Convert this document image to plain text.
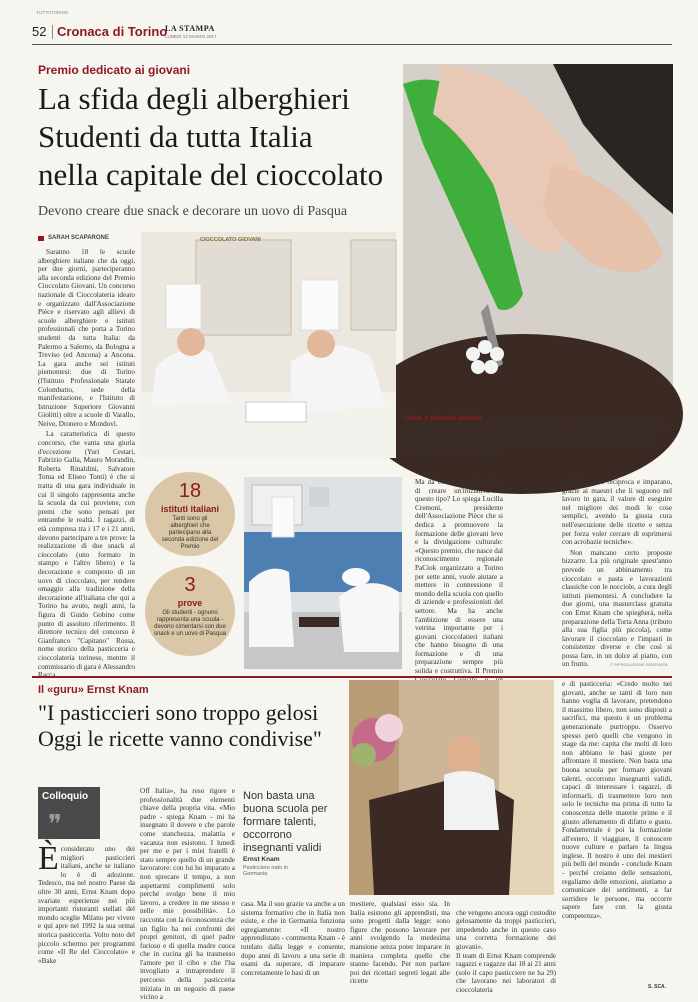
TUTTOTORINO
52 Cronaca di Torino
LA STAMPA
LUNEDÌ 13 MARZO 2017
Premio dedicato ai giovani
La sfida degli alberghieri
Studenti da tutta Italia
nella capitale del cioccolato
Devono creare due snack e decorare un uovo di Pasqua
Uova e piccole delizie
Nella foto sopra uno studente al lavoro per decorare un uovo durante la prima edizione del Premio Cioccolato Giovani promosso dall'Associazione Pièce. A fianco la giuria, composta da maestri cioccolatieri, intenta a valutare le creazioni dei ragazzi. Sotto, studente e maestro a confronto
SARAH SCAPARONE

Saranno 18 le scuole alberghiere italiane che da oggi, per due giorni, parteciperanno alla seconda edizione del Premio Cioccolato Giovani. Un concorso nazionale di Cioccolateria ideato e organizzato dall'Associazione Pièce e riservato agli allievi di scuole alberghiere e istituti professionali che porta a Torino studenti da tutta Italia: da Palermo a Salerno, da Bologna a Treviso (ed Ancona) a Ancona. La gara anche sei istituti piemontesi: due di Torino (l'Istituto Professionale Statale Colombatto, sede della manifestazione, e l'Istituto di Istruzione Superiore Giovanni Giolitti) oltre a scuole di Varallo, Neive, Dronero e Mondovì.

La caratteristica di questo concorso, che vanta una giuria d'eccezione (Yuri Cestari, Fabrizio Galla, Mauro Morandin, Roberta Rinaldini, Salvatore Toma ed Eliseo Tonti) è che si tratta di una gara individuale in cui il singolo rappresenta anche la scuola da cui proviene, con premi che sono pensati per entrambe le realtà. I ragazzi, di età compresa tra i 17 e i 21 anni, devono partecipare a tre prove: la realizzazione di due snack al cioccolato (uno formato in stampo e l'altro libero) e la decorazione e composto di un uovo di cioccolato, per rendere omaggio alla tradizione della decorazione all'italiana che qui a Torino ha avuto, negli anni, la figura di Guido Gobino come punto di assoluto riferimento. Il direttore tecnico del concorso è Gianfranco "Capitano" Rossa, nome storico della pasticceria e cioccolateria torinese, mentre il commissario di gara è Alessandro

CIOCCOLATO GIOVANI
18
istituti italiani
Tanti sono gli alberghieri che partecipano alla seconda edizione del Premio
3
prove
Gli studenti - ognuno rappresenta una scuola - devono cimentarsi con due snack e un uovo di Pasqua

Ma da cosa nasce la volontà di creare un'iniziativa di questo tipo? Lo spiega Lucilla Cremoni, presidente dell'Associazione Pièce che si dedica a promuovere la formazione delle giovani leve e la divulgazione culturale: «Questo premio, che nasce dal riconoscimento regionale PaCiok organizzato a Torino per sette anni, vuole aiutare a mettere in connessione il mondo della scuola con quello di aziende e professionisti del settore. Ma ha anche l'ambizione di essere una vetrina importante per i giovani cioccolatieri italiani che hanno bisogno di una formazione e di una preparazione sempre più solida e costruttiva. Il Premio

collaborazione reciproca e imparano, grazie ai maestri che li seguono nel lavoro in gara, il valore di eseguire nel migliore dei modi le cose semplici, avendo la giusta cura nell'esecuzione delle ricette e senza per forza voler cercare di esprimersi con acrobazie tecniche».

Non mancano certo proposte bizzarre. La più originale quest'anno prevede un abbinamento tra cioccolato e pasta e lavorazioni classiche con le nocciole, a cura degli istituti piemontesi. A concludere la due giorni, una masterclass gratuita con Ernst Knam che spiegherà, nella preparazione della Torta Anna (tributo alla sua figlia più piccola), come lavorare il cioccolato e l'impasti in consistenze diverse e che così si possa fare, in un dolce al piatto, con un frutto.	© RIPRODUZIONE RISERVATA
Il «guru» Ernst Knam
"I pasticcieri sono troppo gelosi
Oggi le ricette vanno condivise"
Colloquio
❞
Èconsiderato uno dei migliori pasticcieri italiani, anche se italiano lo è di adozione. Tedesco, ma nel nostro Paese da oltre 30 anni, Ernst Knam dopo svariate esperienze nei più importanti ristoranti stellati del mondo sceglie Milano per vivere e qui apre nel 1992 la sua ormai storica pasticceria. Volto noto del piccolo schermo per programmi come «Il Re del Cioccolato» e «Bake
Off Italia», ha reso rigore e professionalità due elementi chiave della propria vita. «Mio padre - spiega Knam - mi ha insegnato il dovere e che parole come stanchezza, malattia e vacanza non esistono. I lunedì per me e per i miei fratelli è stato sempre quello di un grande lavoratore: con lui ho imparato a non sprecare il tempo, a non aspettarmi complimenti solo perché svolgo bene il mio lavoro, a credere in me stesso e nelle mie possibilità». Lo racconta con la riconoscenza che un figlio ha nei confronti dei propri genitori, di quel padre furioso e di quella madre cuoca che in cucina gli ha trasmesso l'amore per il cibo e che l'ha invogliato a intraprendere il percorso della pasticceria iniziata in un negozio di paese vicino a
Non basta una buona scuola per formare talenti, occorrono insegnanti validi
Ernst Knam
Pasticciere nato in Germania
casa. Ma il suo grazie va anche a un sistema formativo che in Italia non esiste, e che in Germania funziona egregiamente: «Il nostro apprendistato - commenta Knam - è tutelato dalla legge e consente, dopo anni di lavoro a una serie di esami da superare, di imparare concretamente le basi di un
mestiere, qualsiasi esso sia. In Italia esistono gli apprendisti, ma sono progetti dalla legge: sono figure che possono lavorare per anni svolgendo la medesima mansione senza poter imparare in maniera completa quello che stanno facendo. Per non parlare poi dei ricettari segreti legati alle ricette

che vengono ancora oggi custodite gelosamente da troppi pasticcieri, impedendo anche in questo caso una corretta formazione dei giovani».
Il team di Ernst Knam comprende ragazzi e ragazze dai 18 ai 21 anni (solo il capo pasticciere ne ha 29) che lavorano nei laboratori di cioccolateria

e di pasticceria: «Credo molto nei giovani, anche se tanti di loro non hanno voglia di lavorare, pretendono il massimo libero, non sono disposti a sacrifici, ma questo è un problema generazionale purtroppo. Osservo spesso però quelli che vengono in stage da me: capita che molti di loro non abbiano le basi giuste per affrontare il mestiere. Non basta una buona scuola per formare giovani talenti, occorrono insegnanti validi, capaci di interessare i ragazzi, di informarli, di trasmettere loro non solo le tecniche ma prima di tutto la conoscenza delle materie prime e il giusto allenamento di difatto e gusto. Fondamentale è poi la formazione all'estero, il viaggiare, il conoscere nuove culture e parlare la lingua inglese. Il nostro è uno dei mestieri più belli del mondo - conclude Knam - perché creiamo delle sensazioni, regaliamo delle emozioni, aiutiamo a comunicare dei sentimenti, a far sorridere le persone, ma occorre sapere fare con la giusta competenza».
S. SCA.
